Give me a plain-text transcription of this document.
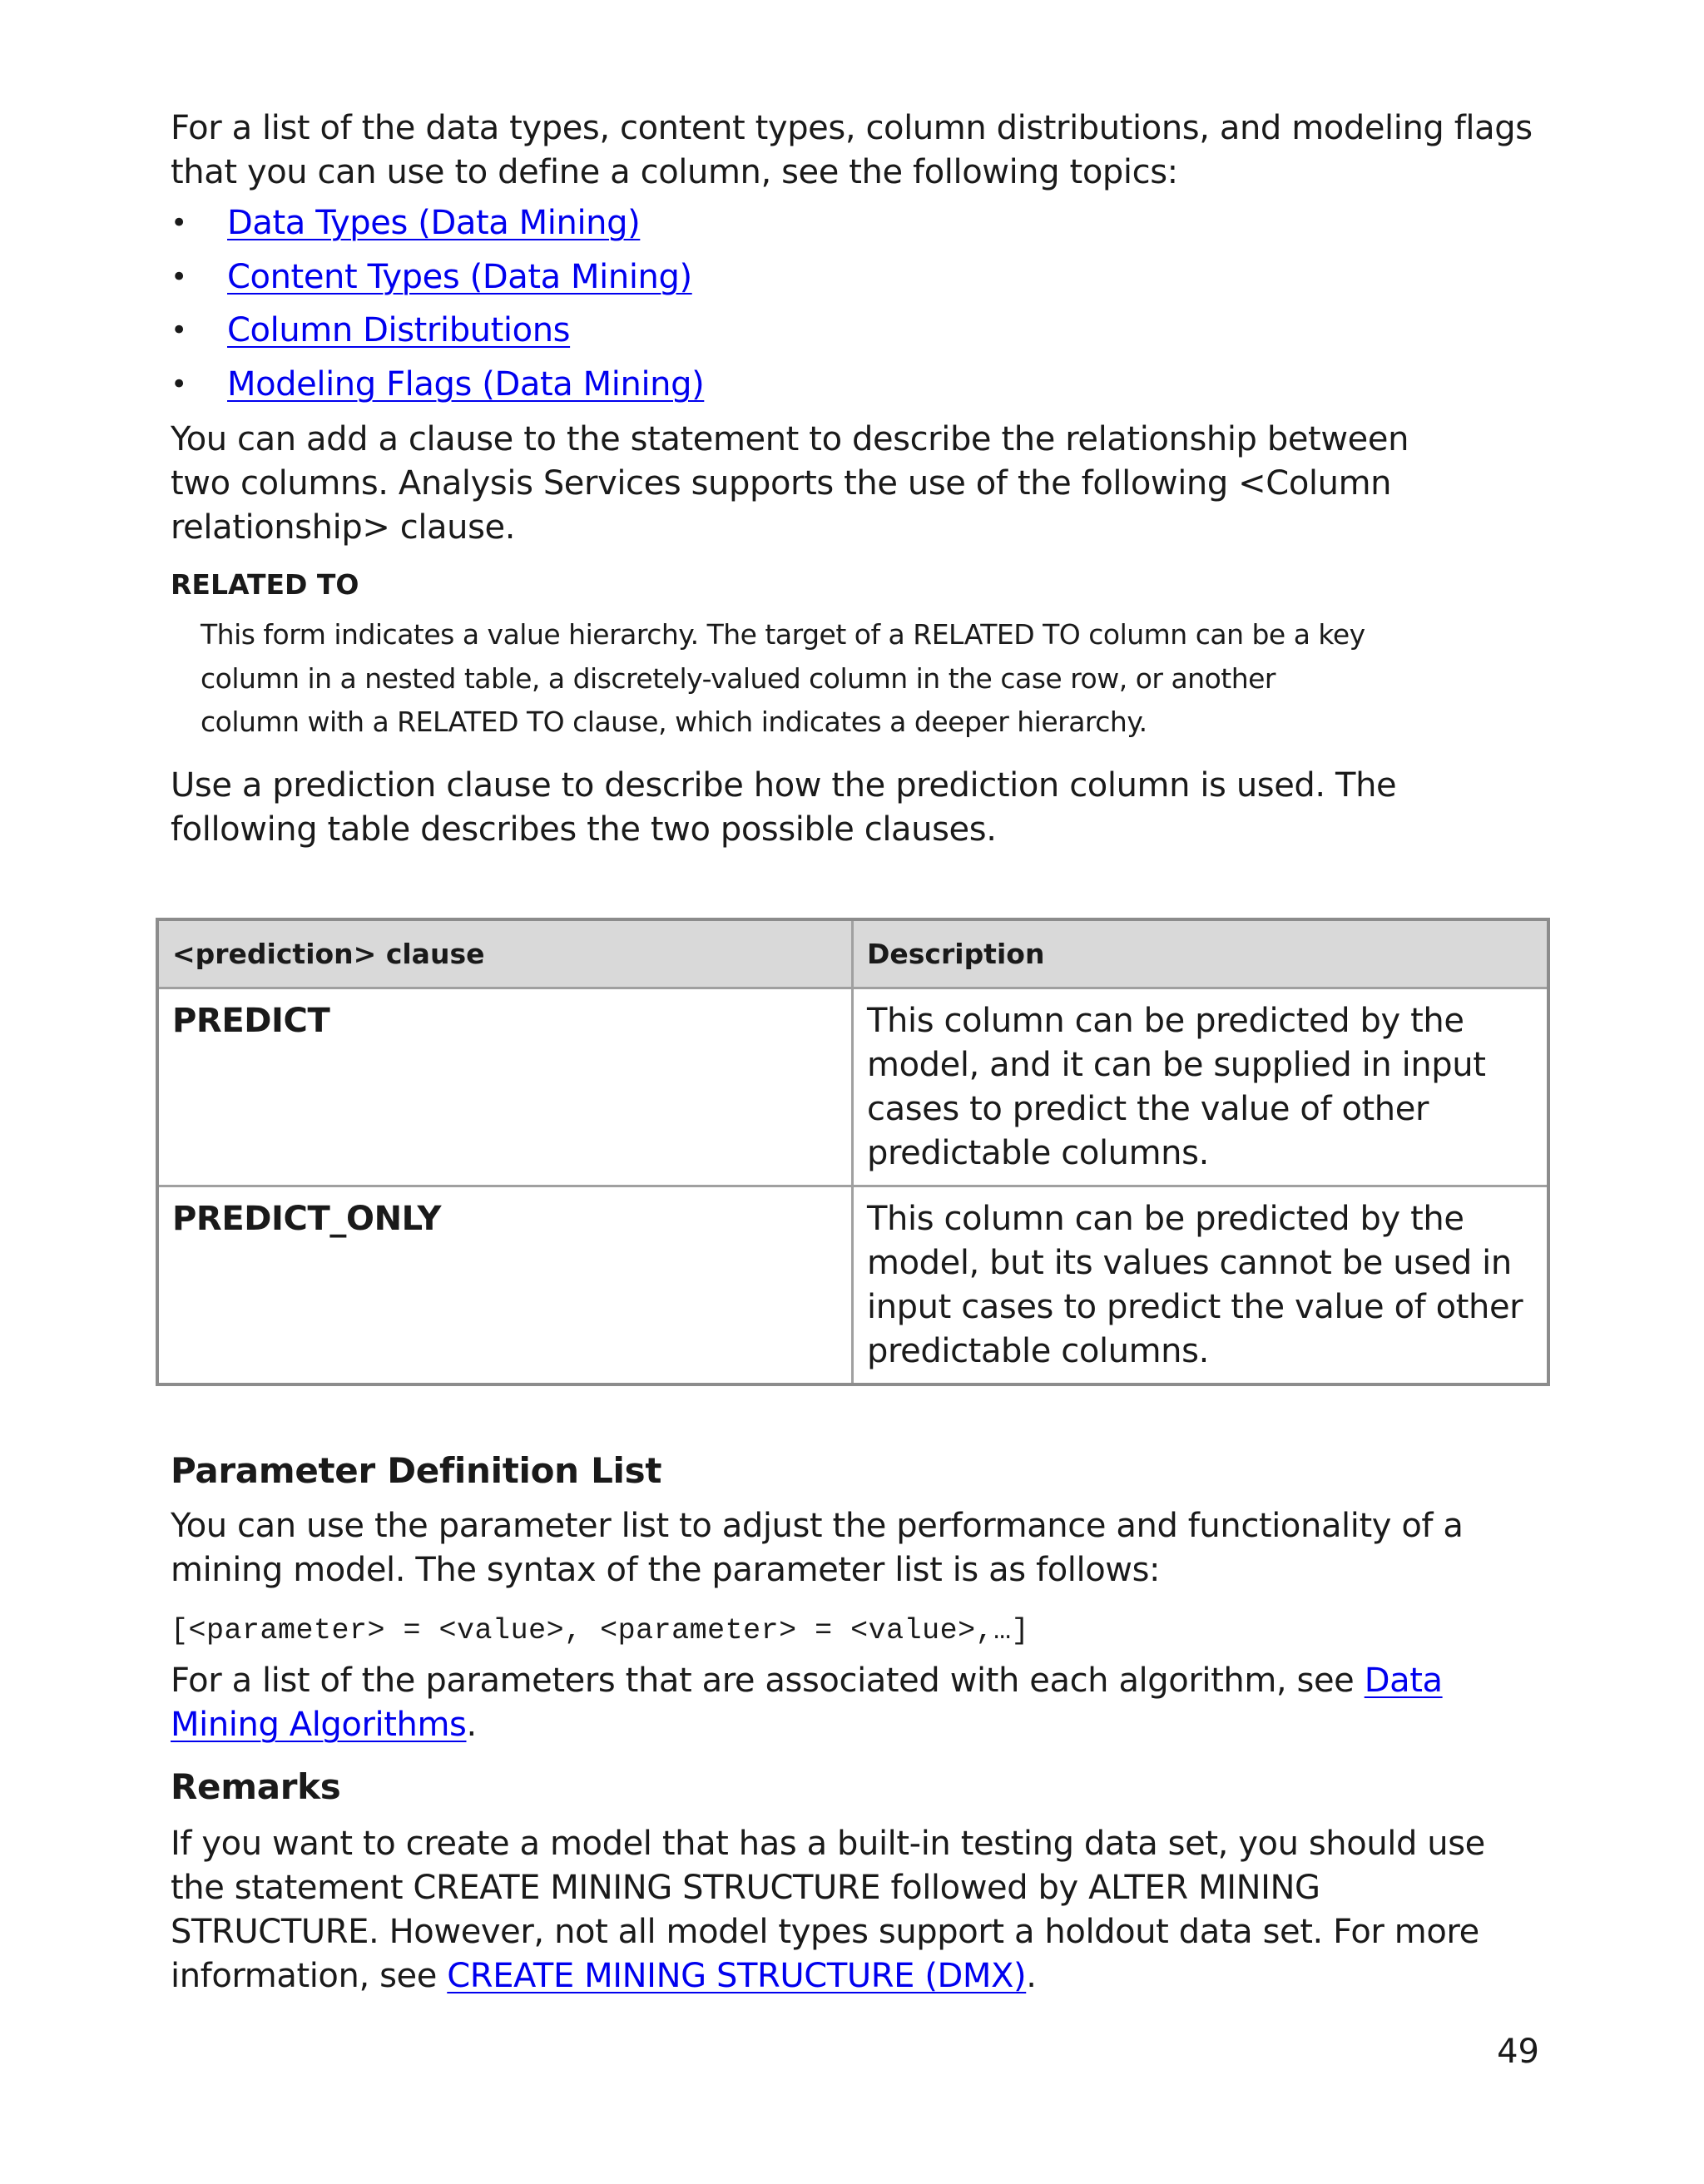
For a list of the data types, content types, column distributions, and modeling flags that you can use to define a column, see the following topics:

• Data Types (Data Mining)
• Content Types (Data Mining)
• Column Distributions
• Modeling Flags (Data Mining)

You can add a clause to the statement to describe the relationship between two columns. Analysis Services supports the use of the following <Column relationship> clause.

RELATED TO

This form indicates a value hierarchy. The target of a RELATED TO column can be a key column in a nested table, a discretely-valued column in the case row, or another column with a RELATED TO clause, which indicates a deeper hierarchy.

Use a prediction clause to describe how the prediction column is used. The following table describes the two possible clauses.

<prediction> clause	Description
PREDICT	This column can be predicted by the model, and it can be supplied in input cases to predict the value of other predictable columns.
PREDICT_ONLY	This column can be predicted by the model, but its values cannot be used in input cases to predict the value of other predictable columns.

Parameter Definition List

You can use the parameter list to adjust the performance and functionality of a mining model. The syntax of the parameter list is as follows:

[<parameter> = <value>, <parameter> = <value>,…]

For a list of the parameters that are associated with each algorithm, see Data Mining Algorithms.

Remarks

If you want to create a model that has a built-in testing data set, you should use the statement CREATE MINING STRUCTURE followed by ALTER MINING STRUCTURE. However, not all model types support a holdout data set. For more information, see CREATE MINING STRUCTURE (DMX).

49
